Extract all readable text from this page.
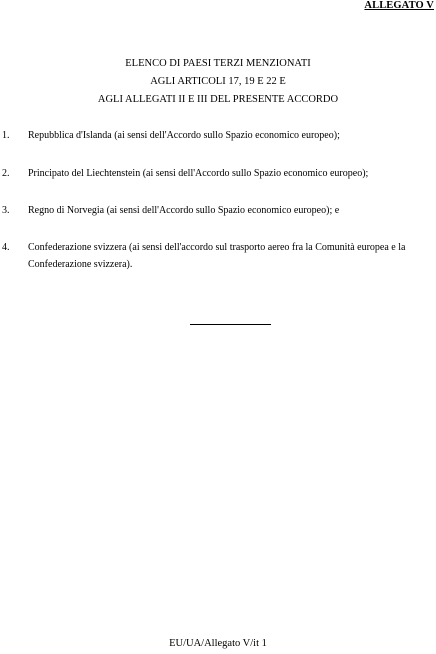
ALLEGATO V
ELENCO DI PAESI TERZI MENZIONATI
AGLI ARTICOLI 17, 19 E 22 E
AGLI ALLEGATI II E III DEL PRESENTE ACCORDO
1. Repubblica d'Islanda (ai sensi dell'Accordo sullo Spazio economico europeo);
2. Principato del Liechtenstein (ai sensi dell'Accordo sullo Spazio economico europeo);
3. Regno di Norvegia (ai sensi dell'Accordo sullo Spazio economico europeo); e
4. Confederazione svizzera (ai sensi dell'accordo sul trasporto aereo fra la Comunità europea e la Confederazione svizzera).
EU/UA/Allegato V/it 1
